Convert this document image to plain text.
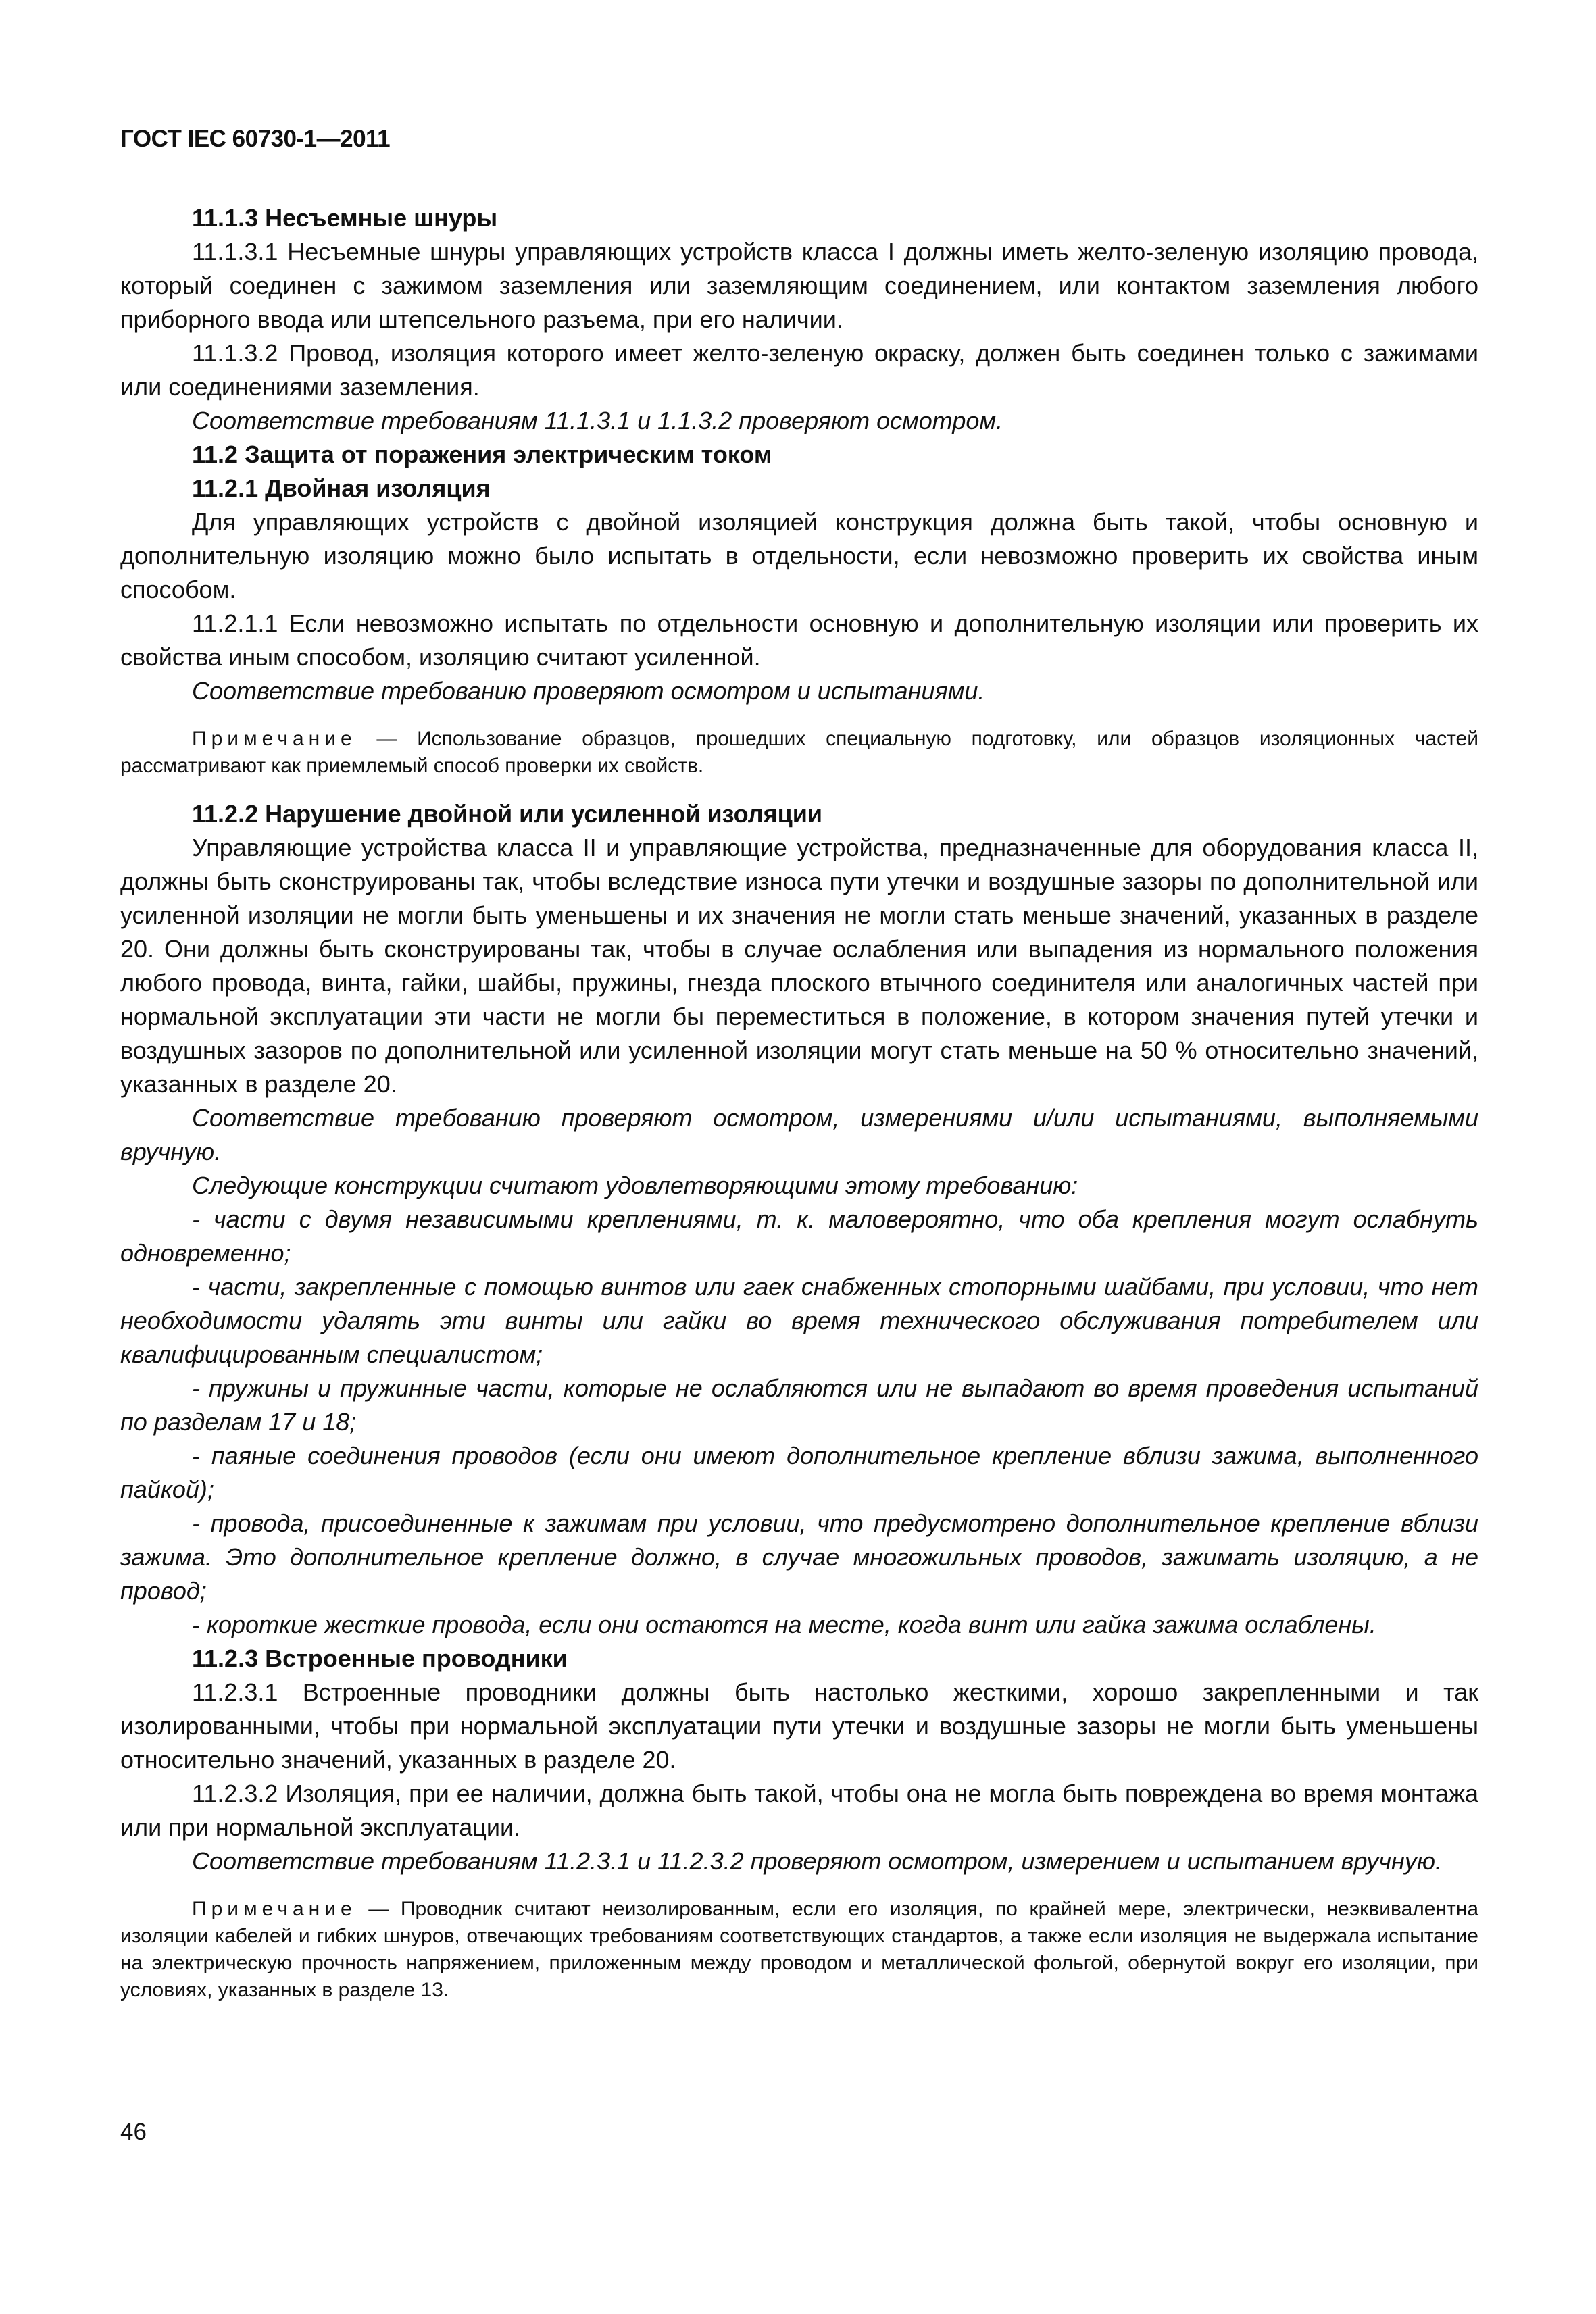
ГОСТ IEC 60730-1—2011

11.1.3 Несъемные шнуры

11.1.3.1 Несъемные шнуры управляющих устройств класса I должны иметь желто-зеленую изоляцию провода, который соединен с зажимом заземления или заземляющим соединением, или контактом заземления любого приборного ввода или штепсельного разъема, при его наличии.

11.1.3.2 Провод, изоляция которого имеет желто-зеленую окраску, должен быть соединен только с зажимами или соединениями заземления.

Соответствие требованиям 11.1.3.1 и 1.1.3.2 проверяют осмотром.

11.2 Защита от поражения электрическим током

11.2.1 Двойная изоляция

Для управляющих устройств с двойной изоляцией конструкция должна быть такой, чтобы основную и дополнительную изоляцию можно было испытать в отдельности, если невозможно проверить их свойства иным способом.

11.2.1.1 Если невозможно испытать по отдельности основную и дополнительную изоляции или проверить их свойства иным способом, изоляцию считают усиленной.

Соответствие требованию проверяют осмотром и испытаниями.

Примечание — Использование образцов, прошедших специальную подготовку, или образцов изоляционных частей рассматривают как приемлемый способ проверки их свойств.

11.2.2 Нарушение двойной или усиленной изоляции

Управляющие устройства класса II и управляющие устройства, предназначенные для оборудования класса II, должны быть сконструированы так, чтобы вследствие износа пути утечки и воздушные зазоры по дополнительной или усиленной изоляции не могли быть уменьшены и их значения не могли стать меньше значений, указанных в разделе 20. Они должны быть сконструированы так, чтобы в случае ослабления или выпадения из нормального положения любого провода, винта, гайки, шайбы, пружины, гнезда плоского втычного соединителя или аналогичных частей при нормальной эксплуатации эти части не могли бы переместиться в положение, в котором значения путей утечки и воздушных зазоров по дополнительной или усиленной изоляции могут стать меньше на 50 % относительно значений, указанных в разделе 20.

Соответствие требованию проверяют осмотром, измерениями и/или испытаниями, выполняемыми вручную.

Следующие конструкции считают удовлетворяющими этому требованию:

- части с двумя независимыми креплениями, т. к. маловероятно, что оба крепления могут ослабнуть одновременно;

- части, закрепленные с помощью винтов или гаек снабженных стопорными шайбами, при условии, что нет необходимости удалять эти винты или гайки во время технического обслуживания потребителем или квалифицированным специалистом;

- пружины и пружинные части, которые не ослабляются или не выпадают во время проведения испытаний по разделам 17 и 18;

- паяные соединения проводов (если они имеют дополнительное крепление вблизи зажима, выполненного пайкой);

- провода, присоединенные к зажимам при условии, что предусмотрено дополнительное крепление вблизи зажима. Это дополнительное крепление должно, в случае многожильных проводов, зажимать изоляцию, а не провод;

- короткие жесткие провода, если они остаются на месте, когда винт или гайка зажима ослаблены.

11.2.3 Встроенные проводники

11.2.3.1 Встроенные проводники должны быть настолько жесткими, хорошо закрепленными и так изолированными, чтобы при нормальной эксплуатации пути утечки и воздушные зазоры не могли быть уменьшены относительно значений, указанных в разделе 20.

11.2.3.2 Изоляция, при ее наличии, должна быть такой, чтобы она не могла быть повреждена во время монтажа или при нормальной эксплуатации.

Соответствие требованиям 11.2.3.1 и 11.2.3.2 проверяют осмотром, измерением и испытанием вручную.

Примечание — Проводник считают неизолированным, если его изоляция, по крайней мере, электрически, неэквивалентна изоляции кабелей и гибких шнуров, отвечающих требованиям соответствующих стандартов, а также если изоляция не выдержала испытание на электрическую прочность напряжением, приложенным между проводом и металлической фольгой, обернутой вокруг его изоляции, при условиях, указанных в разделе 13.

46
